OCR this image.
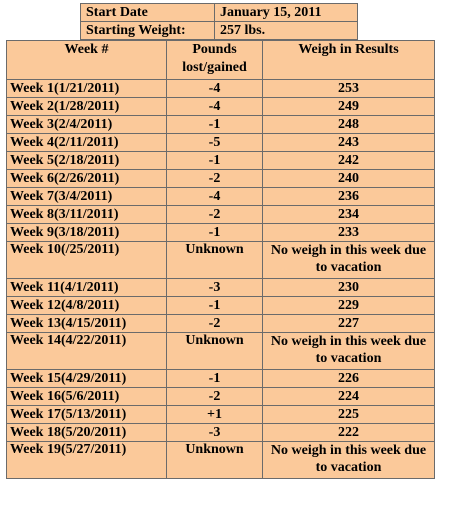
Start Date	January 15, 2011
Starting Weight:	257 lbs.
Week #	Pounds lost/gained	Weigh in Results
Week 1(1/21/2011)	-4	253
Week 2(1/28/2011)	-4	249
Week 3(2/4/2011)	-1	248
Week 4(2/11/2011)	-5	243
Week 5(2/18/2011)	-1	242
Week 6(2/26/2011)	-2	240
Week 7(3/4/2011)	-4	236
Week 8(3/11/2011)	-2	234
Week 9(3/18/2011)	-1	233
Week 10(/25/2011)	Unknown	No weigh in this week due to vacation
Week 11(4/1/2011)	-3	230
Week 12(4/8/2011)	-1	229
Week 13(4/15/2011)	-2	227
Week 14(4/22/2011)	Unknown	No weigh in this week due to vacation
Week 15(4/29/2011)	-1	226
Week 16(5/6/2011)	-2	224
Week 17(5/13/2011)	+1	225
Week 18(5/20/2011)	-3	222
Week 19(5/27/2011)	Unknown	No weigh in this week due to vacation
